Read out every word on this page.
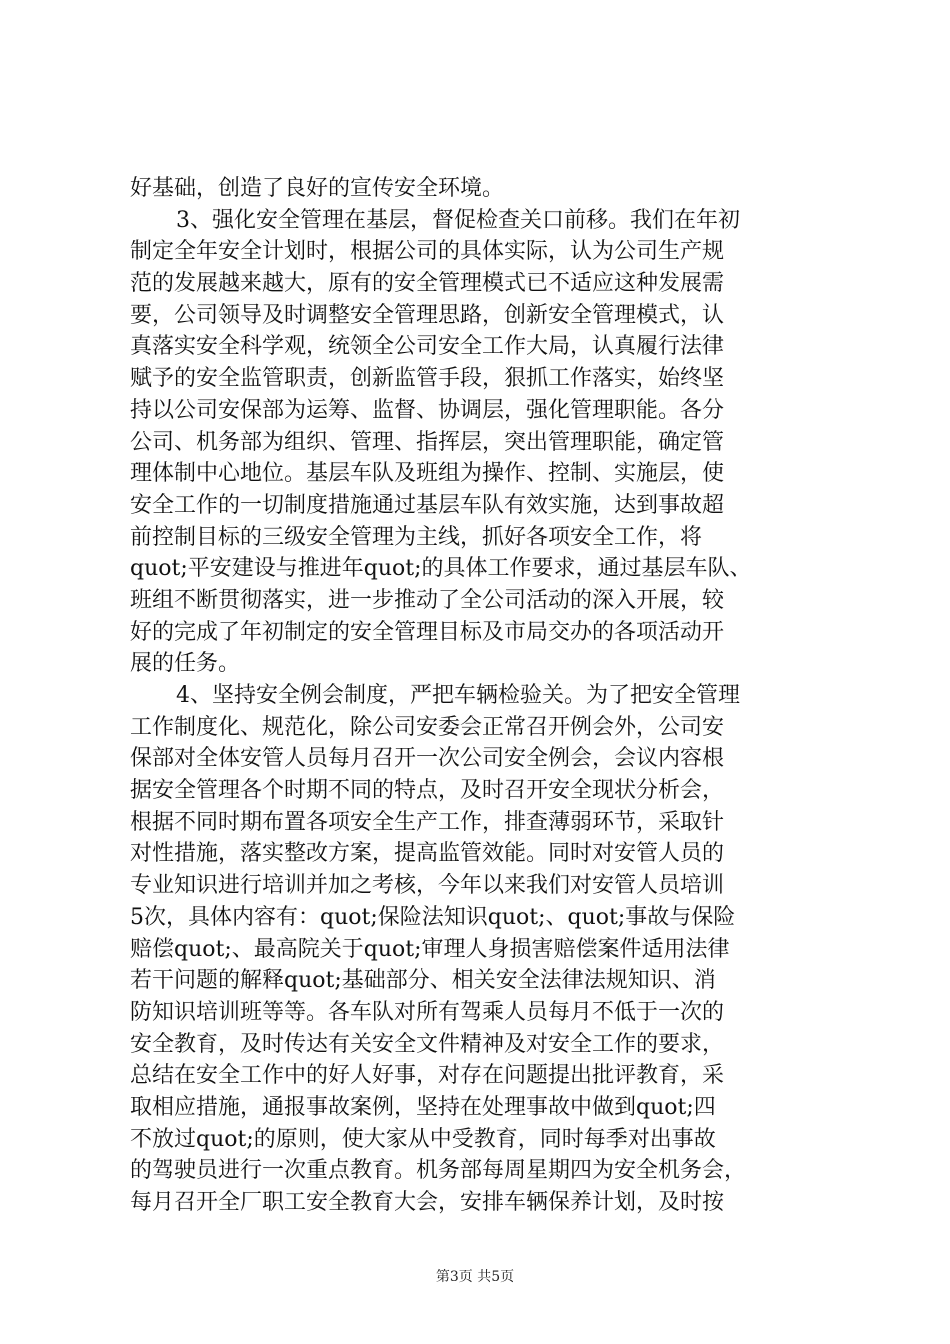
好基础，创造了良好的宣传安全环境。
3、强化安全管理在基层，督促检查关口前移。我们在年初
制定全年安全计划时，根据公司的具体实际，认为公司生产规
范的发展越来越大，原有的安全管理模式已不适应这种发展需
要，公司领导及时调整安全管理思路，创新安全管理模式，认
真落实安全科学观，统领全公司安全工作大局，认真履行法律
赋予的安全监管职责，创新监管手段，狠抓工作落实，始终坚
持以公司安保部为运筹、监督、协调层，强化管理职能。各分
公司、机务部为组织、管理、指挥层，突出管理职能，确定管
理体制中心地位。基层车队及班组为操作、控制、实施层，使
安全工作的一切制度措施通过基层车队有效实施，达到事故超
前控制目标的三级安全管理为主线，抓好各项安全工作，将
quot;平安建设与推进年quot;的具体工作要求，通过基层车队、
班组不断贯彻落实，进一步推动了全公司活动的深入开展，较
好的完成了年初制定的安全管理目标及市局交办的各项活动开
展的任务。
4、坚持安全例会制度，严把车辆检验关。为了把安全管理
工作制度化、规范化，除公司安委会正常召开例会外，公司安
保部对全体安管人员每月召开一次公司安全例会，会议内容根
据安全管理各个时期不同的特点，及时召开安全现状分析会，
根据不同时期布置各项安全生产工作，排查薄弱环节，采取针
对性措施，落实整改方案，提高监管效能。同时对安管人员的
专业知识进行培训并加之考核，今年以来我们对安管人员培训
5次，具体内容有：quot;保险法知识quot;、quot;事故与保险
赔偿quot;、最高院关于quot;审理人身损害赔偿案件适用法律
若干问题的解释quot;基础部分、相关安全法律法规知识、消
防知识培训班等等。各车队对所有驾乘人员每月不低于一次的
安全教育，及时传达有关安全文件精神及对安全工作的要求，
总结在安全工作中的好人好事，对存在问题提出批评教育，采
取相应措施，通报事故案例，坚持在处理事故中做到quot;四
不放过quot;的原则，使大家从中受教育，同时每季对出事故
的驾驶员进行一次重点教育。机务部每周星期四为安全机务会，
每月召开全厂职工安全教育大会，安排车辆保养计划，及时按
第3页 共5页
